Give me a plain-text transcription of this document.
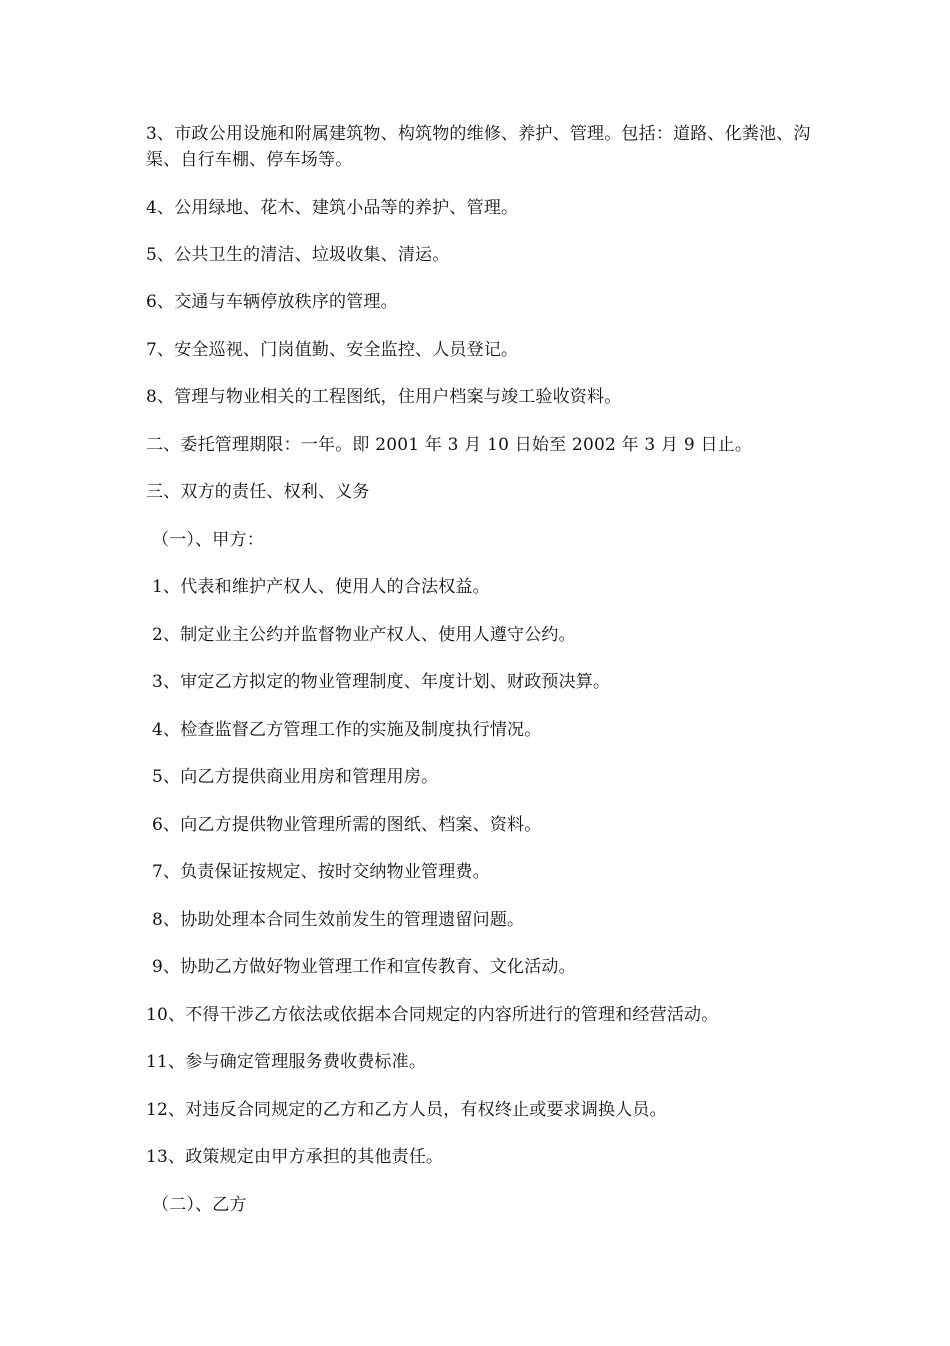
3、市政公用设施和附属建筑物、构筑物的维修、养护、管理。包括：道路、化粪池、沟渠、自行车棚、停车场等。
4、公用绿地、花木、建筑小品等的养护、管理。
5、公共卫生的清洁、垃圾收集、清运。
6、交通与车辆停放秩序的管理。
7、安全巡视、门岗值勤、安全监控、人员登记。
8、管理与物业相关的工程图纸，住用户档案与竣工验收资料。
二、委托管理期限：一年。即 2001 年 3 月 10 日始至 2002 年 3 月 9 日止。
三、双方的责任、权利、义务
（一）、甲方：
1、代表和维护产权人、使用人的合法权益。
2、制定业主公约并监督物业产权人、使用人遵守公约。
3、审定乙方拟定的物业管理制度、年度计划、财政预决算。
4、检查监督乙方管理工作的实施及制度执行情况。
5、向乙方提供商业用房和管理用房。
6、向乙方提供物业管理所需的图纸、档案、资料。
7、负责保证按规定、按时交纳物业管理费。
8、协助处理本合同生效前发生的管理遗留问题。
9、协助乙方做好物业管理工作和宣传教育、文化活动。
10、不得干涉乙方依法或依据本合同规定的内容所进行的管理和经营活动。
11、参与确定管理服务费收费标准。
12、对违反合同规定的乙方和乙方人员，有权终止或要求调换人员。
13、政策规定由甲方承担的其他责任。
（二）、乙方
